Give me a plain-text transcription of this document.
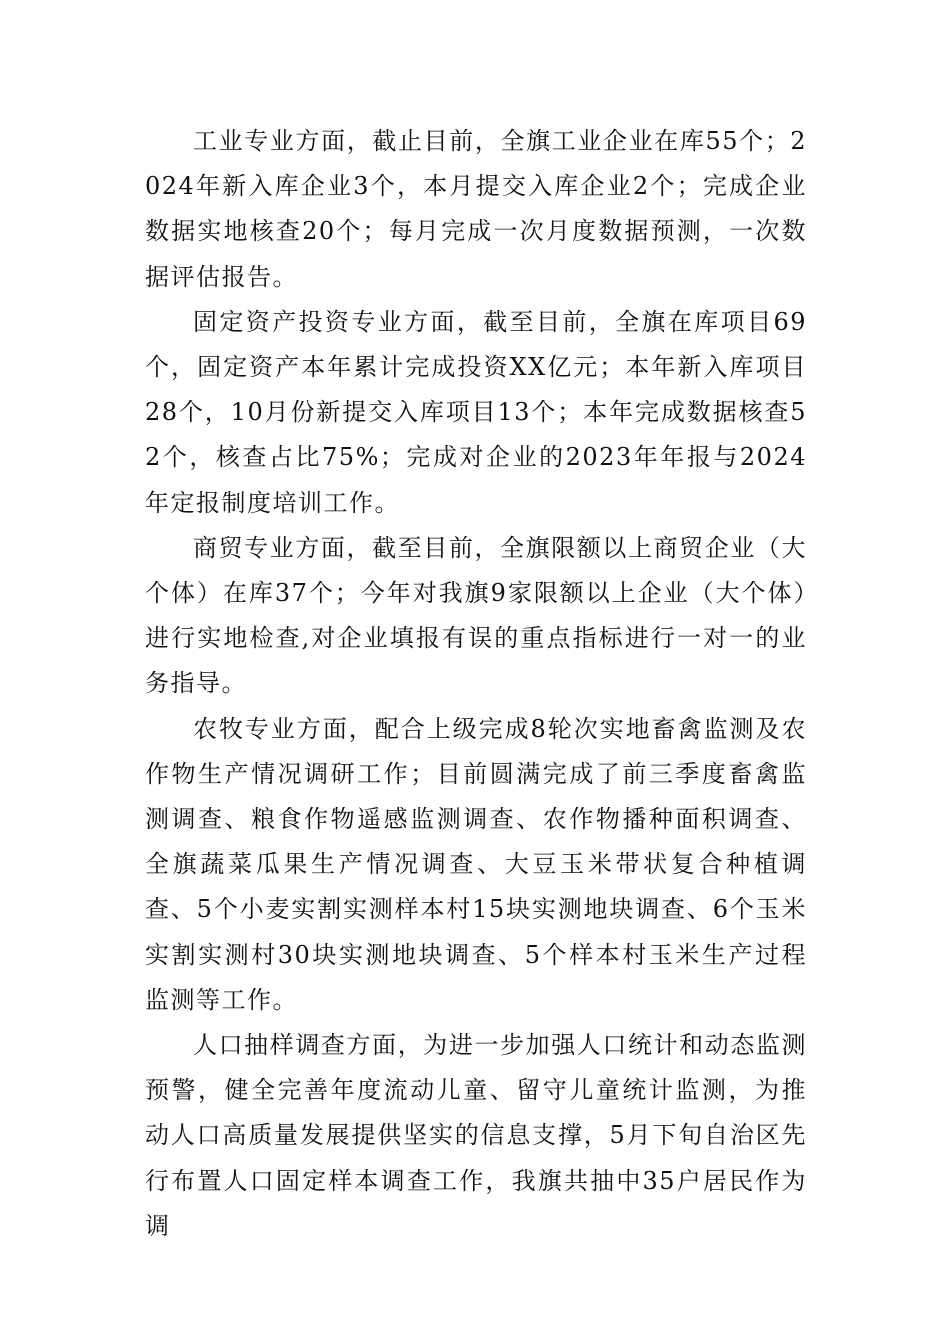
工业专业方面，截止目前，全旗工业企业在库55个；2024年新入库企业3个，本月提交入库企业2个；完成企业数据实地核查20个；每月完成一次月度数据预测，一次数据评估报告。

固定资产投资专业方面，截至目前，全旗在库项目69个，固定资产本年累计完成投资XX亿元；本年新入库项目28个，10月份新提交入库项目13个；本年完成数据核查52个，核查占比75%；完成对企业的2023年年报与2024年定报制度培训工作。

商贸专业方面，截至目前，全旗限额以上商贸企业（大个体）在库37个；今年对我旗9家限额以上企业（大个体）进行实地检查,对企业填报有误的重点指标进行一对一的业务指导。

农牧专业方面，配合上级完成8轮次实地畜禽监测及农作物生产情况调研工作；目前圆满完成了前三季度畜禽监测调查、粮食作物遥感监测调查、农作物播种面积调查、全旗蔬菜瓜果生产情况调查、大豆玉米带状复合种植调查、5个小麦实割实测样本村15块实测地块调查、6个玉米实割实测村30块实测地块调查、5个样本村玉米生产过程监测等工作。

人口抽样调查方面，为进一步加强人口统计和动态监测预警，健全完善年度流动儿童、留守儿童统计监测，为推动人口高质量发展提供坚实的信息支撑，5月下旬自治区先行布置人口固定样本调查工作，我旗共抽中35户居民作为调
